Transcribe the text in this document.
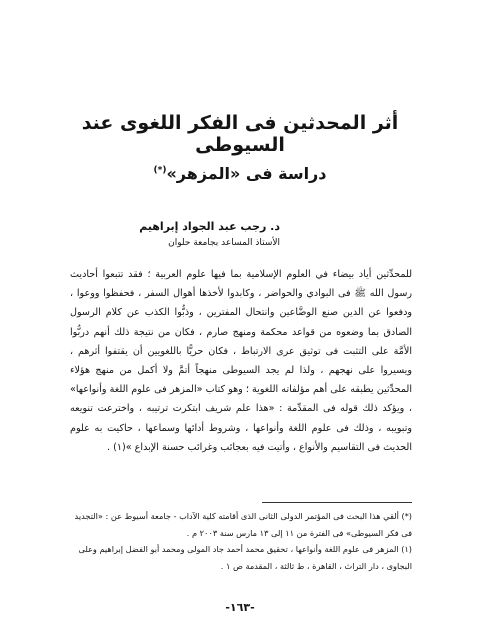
أثر المحدثين فى الفكر اللغوى عند السيوطى
دراسة فى «المزهر»(*)
د. رجب عبد الجواد إبراهيم
الأستاذ المساعد بجامعة حلوان

للمحدِّثين أياد بيضاء في العلوم الإسلامية بما فيها علوم العربية ؛ فقد تتبعوا أحاديث رسول الله ﷺ فى البوادي والحواضر ، وكابدوا لأخذها أهوال السفر ، فحفظوا ووعوا ، ودفعوا عن الدين صنع الوضَّاعين وانتحال المفترين ، وذبُّوا الكذب عن كلام الرسول الصادق بما وضعوه من قواعد محكمة ومنهج صارم ، فكان من نتيجة ذلك أنهم دربُّوا الأمَّة على التثبت فى توثيق عرى الارتباط ، فكان حريًّا باللغويين أن يقتفوا أثرهم ، ويسيروا على نهجهم ، ولذا لم يجد السيوطى منهجاً أتمَّ ولا أكمل من منهج هؤلاء المحدِّثين يطبقه على أهم مؤلفاته اللغوية ؛ وهو كتاب «المزهر فى علوم اللغة وأنواعها» ، ويؤكد ذلك قوله فى المقدِّمة : «هذا علم شريف ابتكرت ترتيبه ، واخترعت تنويعه وتبويبه ، وذلك فى علوم اللغة وأنواعها ، وشروط أدائها وسماعها ، حاكيت به علوم الحديث فى التقاسيم والأنواع ، وأتيت فيه بعجائب وغرائب حسنة الإبداع »(١) .

(*) ألقي هذا البحث فى المؤتمر الدولى الثانى الذى أقامته كلية الآداب - جامعة أسيوط عن : «التجديد فى فكر السيوطى» فى الفترة من ١١ إلى ١٣ مارس سنة ٢٠٠٣ م .

(١) المزهر فى علوم اللغة وأنواعها ، تحقيق محمد أحمد جاد المولى ومحمد أبو الفضل إبراهيم وعلى البجاوى ، دار التراث ، القاهرة ، ط ثالثة ، المقدمة ص ١ .

-١٦٣-
